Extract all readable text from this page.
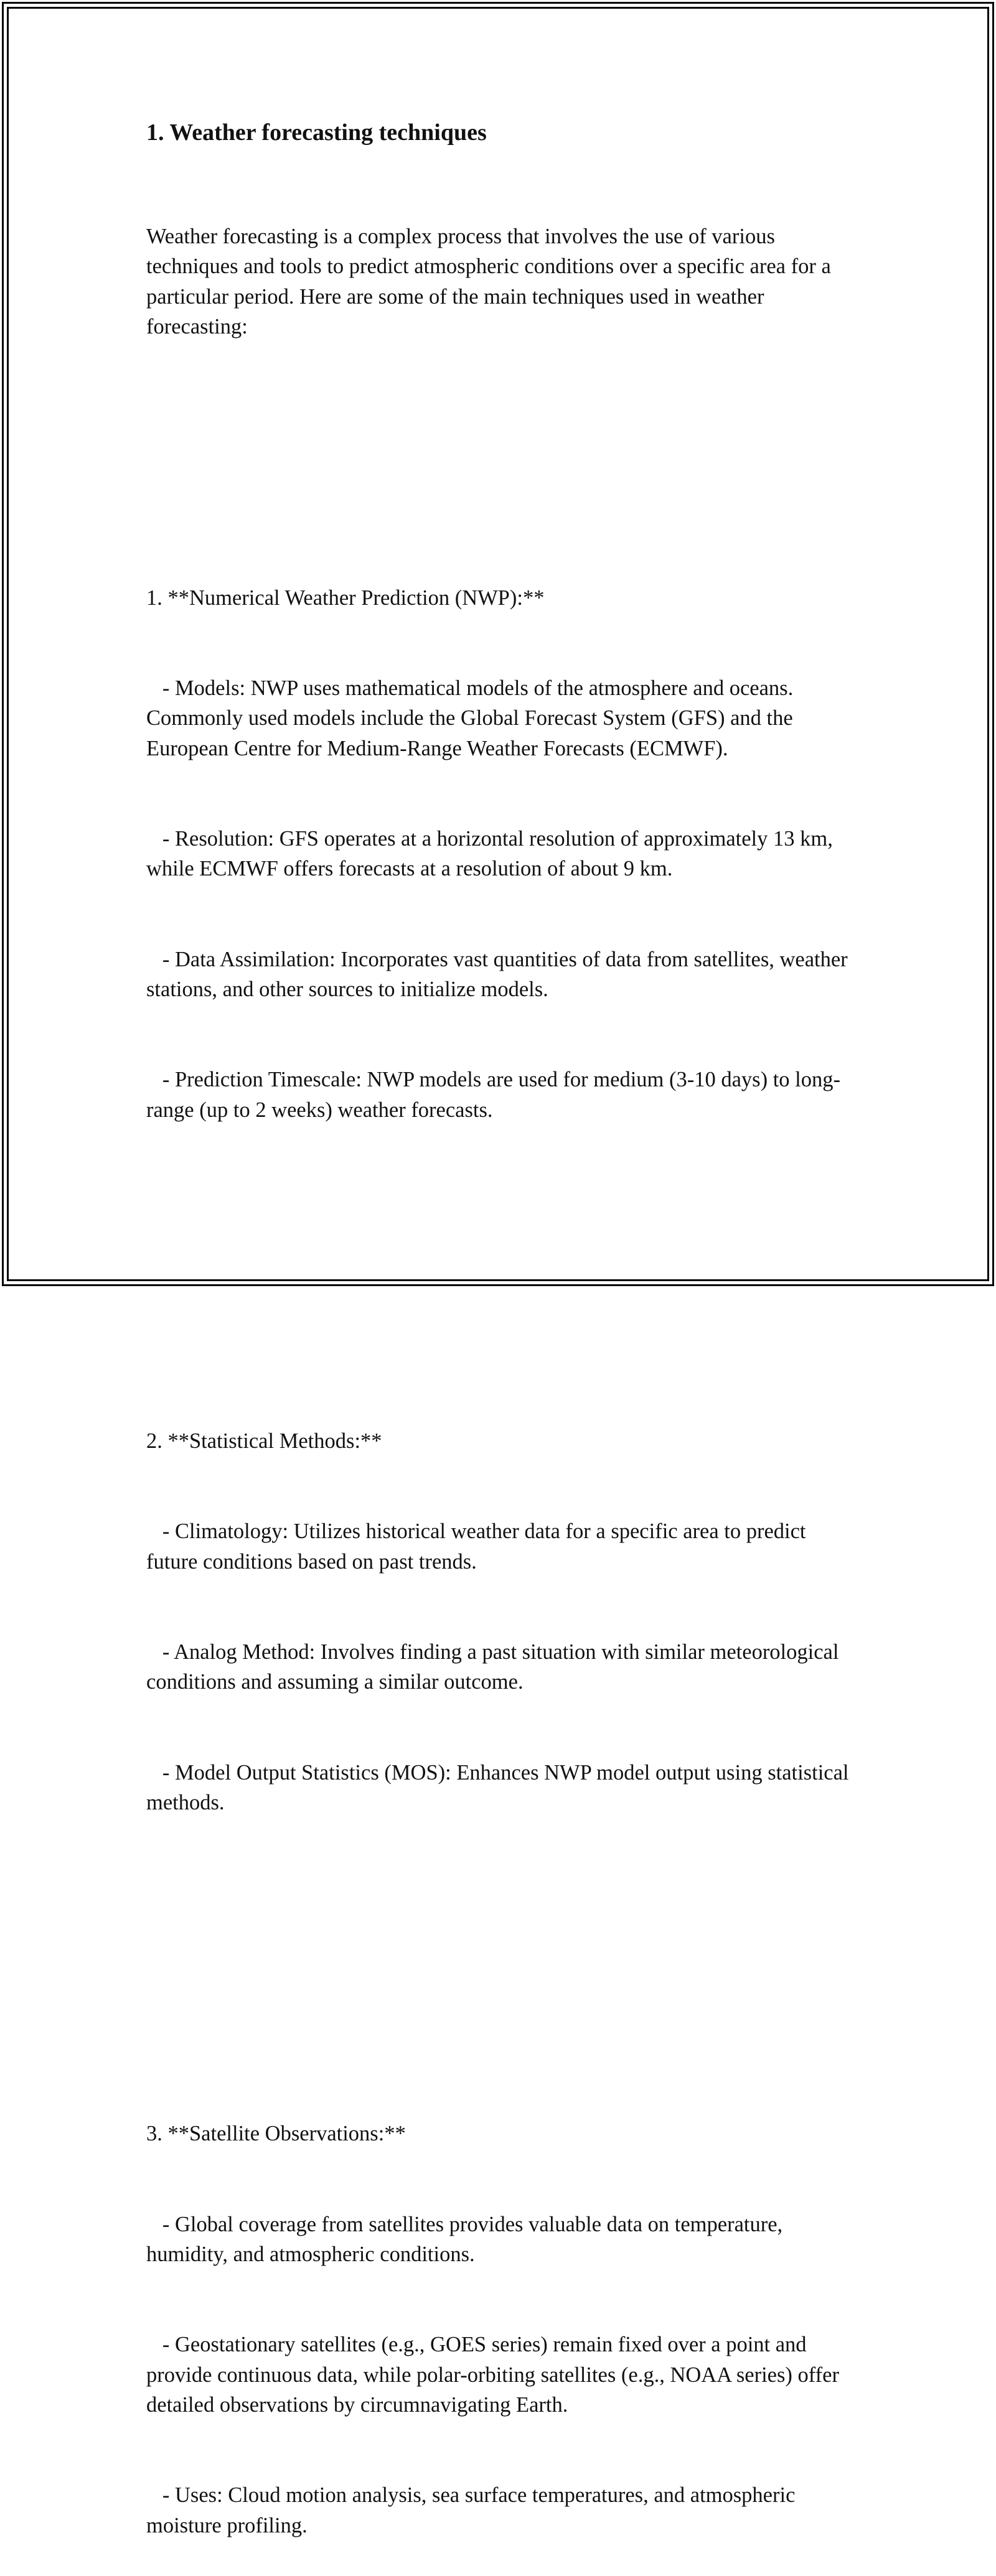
1. Weather forecasting techniques

Weather forecasting is a complex process that involves the use of various techniques and tools to predict atmospheric conditions over a specific area for a particular period. Here are some of the main techniques used in weather forecasting:

1. **Numerical Weather Prediction (NWP):**

- Models: NWP uses mathematical models of the atmosphere and oceans. Commonly used models include the Global Forecast System (GFS) and the European Centre for Medium-Range Weather Forecasts (ECMWF).

- Resolution: GFS operates at a horizontal resolution of approximately 13 km, while ECMWF offers forecasts at a resolution of about 9 km.

- Data Assimilation: Incorporates vast quantities of data from satellites, weather stations, and other sources to initialize models.

- Prediction Timescale: NWP models are used for medium (3-10 days) to long-range (up to 2 weeks) weather forecasts.

2. **Statistical Methods:**

- Climatology: Utilizes historical weather data for a specific area to predict future conditions based on past trends.

- Analog Method: Involves finding a past situation with similar meteorological conditions and assuming a similar outcome.

- Model Output Statistics (MOS): Enhances NWP model output using statistical methods.

3. **Satellite Observations:**

- Global coverage from satellites provides valuable data on temperature, humidity, and atmospheric conditions.

- Geostationary satellites (e.g., GOES series) remain fixed over a point and provide continuous data, while polar-orbiting satellites (e.g., NOAA series) offer detailed observations by circumnavigating Earth.

- Uses: Cloud motion analysis, sea surface temperatures, and atmospheric moisture profiling.
